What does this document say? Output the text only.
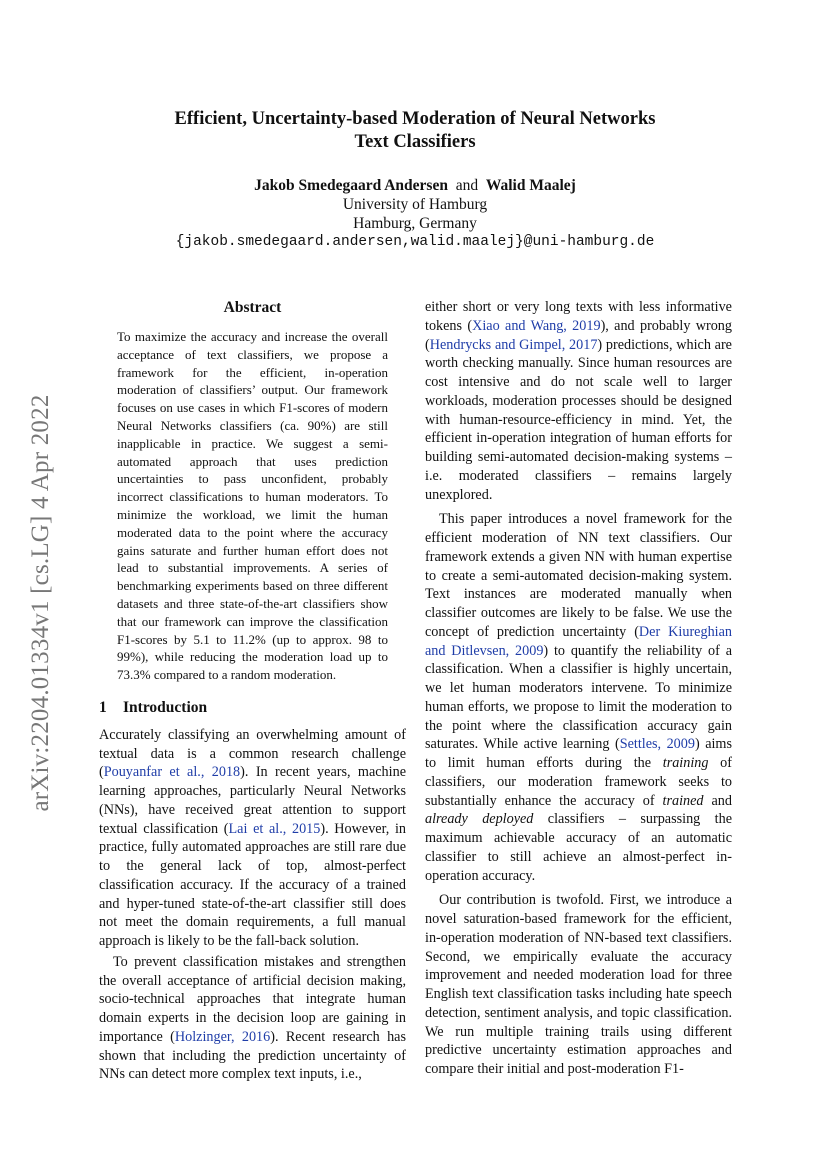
arXiv:2204.01334v1 [cs.LG] 4 Apr 2022
Efficient, Uncertainty-based Moderation of Neural Networks
Text Classifiers
Jakob Smedegaard Andersen and Walid Maalej
University of Hamburg
Hamburg, Germany
{jakob.smedegaard.andersen,walid.maalej}@uni-hamburg.de
Abstract

To maximize the accuracy and increase the overall acceptance of text classifiers, we propose a framework for the efficient, in-operation moderation of classifiers’ output. Our framework focuses on use cases in which F1-scores of modern Neural Networks classifiers (ca. 90%) are still inapplicable in practice. We suggest a semi-automated approach that uses prediction uncertainties to pass unconfident, probably incorrect classifications to human moderators. To minimize the workload, we limit the human moderated data to the point where the accuracy gains saturate and further human effort does not lead to substantial improvements. A series of benchmarking experiments based on three different datasets and three state-of-the-art classifiers show that our framework can improve the classification F1-scores by 5.1 to 11.2% (up to approx. 98 to 99%), while reducing the moderation load up to 73.3% compared to a random moderation.

1 Introduction

Accurately classifying an overwhelming amount of textual data is a common research challenge (Pouyanfar et al., 2018). In recent years, machine learning approaches, particularly Neural Networks (NNs), have received great attention to support textual classification (Lai et al., 2015). However, in practice, fully automated approaches are still rare due to the general lack of top, almost-perfect classification accuracy. If the accuracy of a trained and hyper-tuned state-of-the-art classifier still does not meet the domain requirements, a full manual approach is likely to be the fall-back solution.

To prevent classification mistakes and strengthen the overall acceptance of artificial decision making, socio-technical approaches that integrate human domain experts in the decision loop are gaining in importance (Holzinger, 2016). Recent research has shown that including the prediction uncertainty of NNs can detect more complex text inputs, i.e.,

either short or very long texts with less informative tokens (Xiao and Wang, 2019), and probably wrong (Hendrycks and Gimpel, 2017) predictions, which are worth checking manually. Since human resources are cost intensive and do not scale well to larger workloads, moderation processes should be designed with human-resource-efficiency in mind. Yet, the efficient in-operation integration of human efforts for building semi-automated decision-making systems – i.e. moderated classifiers – remains largely unexplored.

This paper introduces a novel framework for the efficient moderation of NN text classifiers. Our framework extends a given NN with human expertise to create a semi-automated decision-making system. Text instances are moderated manually when classifier outcomes are likely to be false. We use the concept of prediction uncertainty (Der Kiureghian and Ditlevsen, 2009) to quantify the reliability of a classification. When a classifier is highly uncertain, we let human moderators intervene. To minimize human efforts, we propose to limit the moderation to the point where the classification accuracy gain saturates. While active learning (Settles, 2009) aims to limit human efforts during the training of classifiers, our moderation framework seeks to substantially enhance the accuracy of trained and already deployed classifiers – surpassing the maximum achievable accuracy of an automatic classifier to still achieve an almost-perfect in-operation accuracy.

Our contribution is twofold. First, we introduce a novel saturation-based framework for the efficient, in-operation moderation of NN-based text classifiers. Second, we empirically evaluate the accuracy improvement and needed moderation load for three English text classification tasks including hate speech detection, sentiment analysis, and topic classification. We run multiple training trails using different predictive uncertainty estimation approaches and compare their initial and post-moderation F1-
